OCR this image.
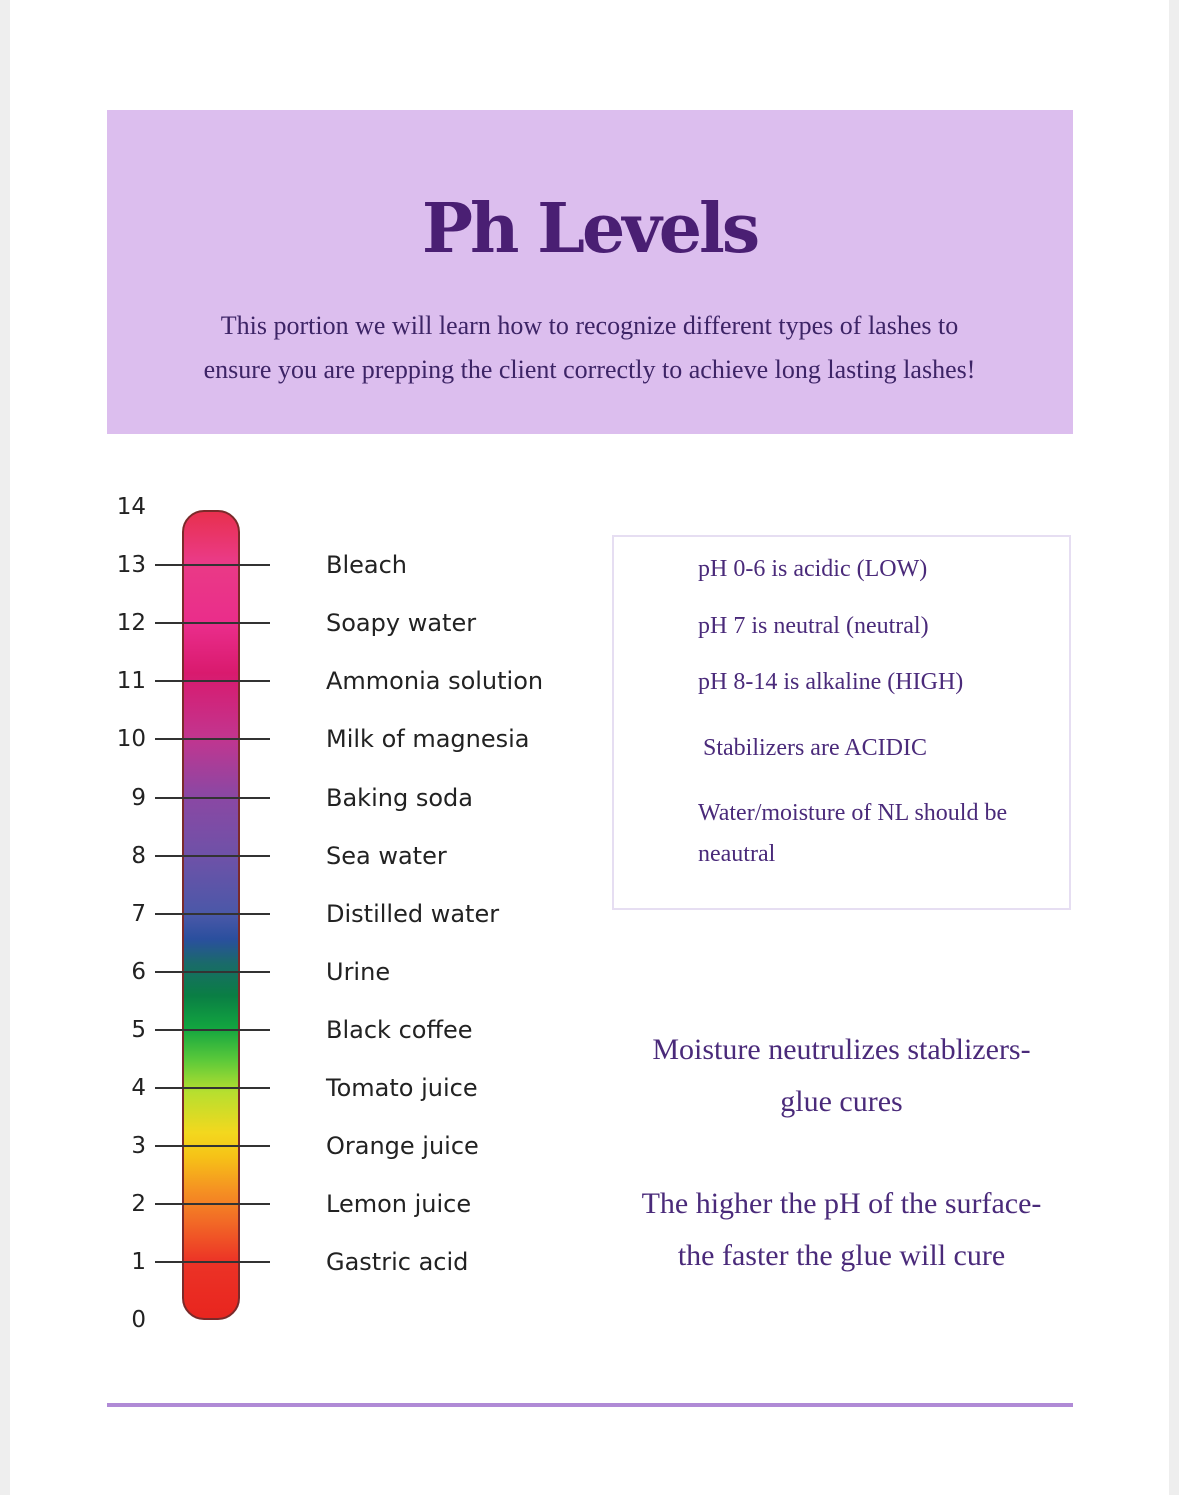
Ph Levels
This portion we will learn how to recognize different types of lashes to
ensure you are prepping the client correctly to achieve long lasting lashes!
14
13
12
11
10
9
8
7
6
5
4
3
2
1
0
Bleach
Soapy water
Ammonia solution
Milk of magnesia
Baking soda
Sea water
Distilled water
Urine
Black coffee
Tomato juice
Orange juice
Lemon juice
Gastric acid
pH 0-6 is acidic (LOW)
pH 7 is neutral (neutral)
pH 8-14 is alkaline (HIGH)
Stabilizers are ACIDIC
Water/moisture of NL should be
neautral
Moisture neutrulizes stablizers-
glue cures
The higher the pH of the surface-
the faster the glue will cure
